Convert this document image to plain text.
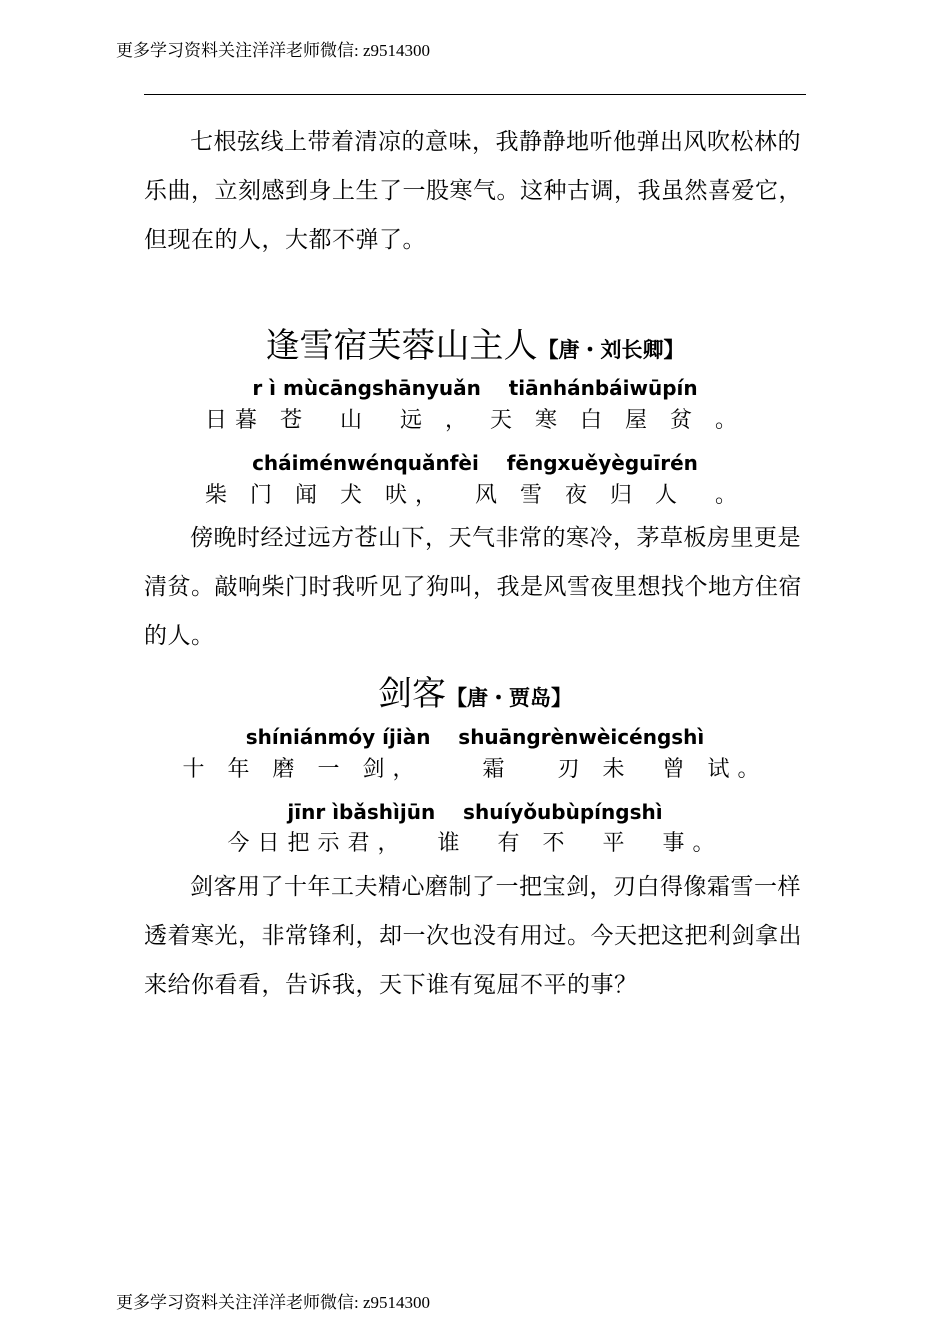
更多学习资料关注洋洋老师微信: z9514300
七根弦线上带着清凉的意味，我静静地听他弹出风吹松林的乐曲，立刻感到身上生了一股寒气。这种古调，我虽然喜爱它，但现在的人，大都不弹了。
逢雪宿芙蓉山主人【唐・刘长卿】
r ì mùcāngshānyuǎn    tiānhánbáiwūpín
日暮 苍  山  远 ， 天 寒 白 屋 贫 。
cháiménwénquǎnfèi    fēngxuěyèguīrén
柴 门 闻 犬 吠，  风 雪 夜 归 人  。
傍晚时经过远方苍山下，天气非常的寒冷，茅草板房里更是清贫。敲响柴门时我听见了狗叫，我是风雪夜里想找个地方住宿的人。
剑客【唐・贾岛】
shíniánmóy íjiàn    shuāngrènwèicéngshì
十 年 磨 一 剑，    霜   刃 未  曾 试。
jīnr ìbǎshìjūn    shuíyǒubùpíngshì
今日把示君，  谁  有 不  平  事。
剑客用了十年工夫精心磨制了一把宝剑，刃白得像霜雪一样透着寒光，非常锋利，却一次也没有用过。今天把这把利剑拿出来给你看看，告诉我，天下谁有冤屈不平的事？
更多学习资料关注洋洋老师微信: z9514300
